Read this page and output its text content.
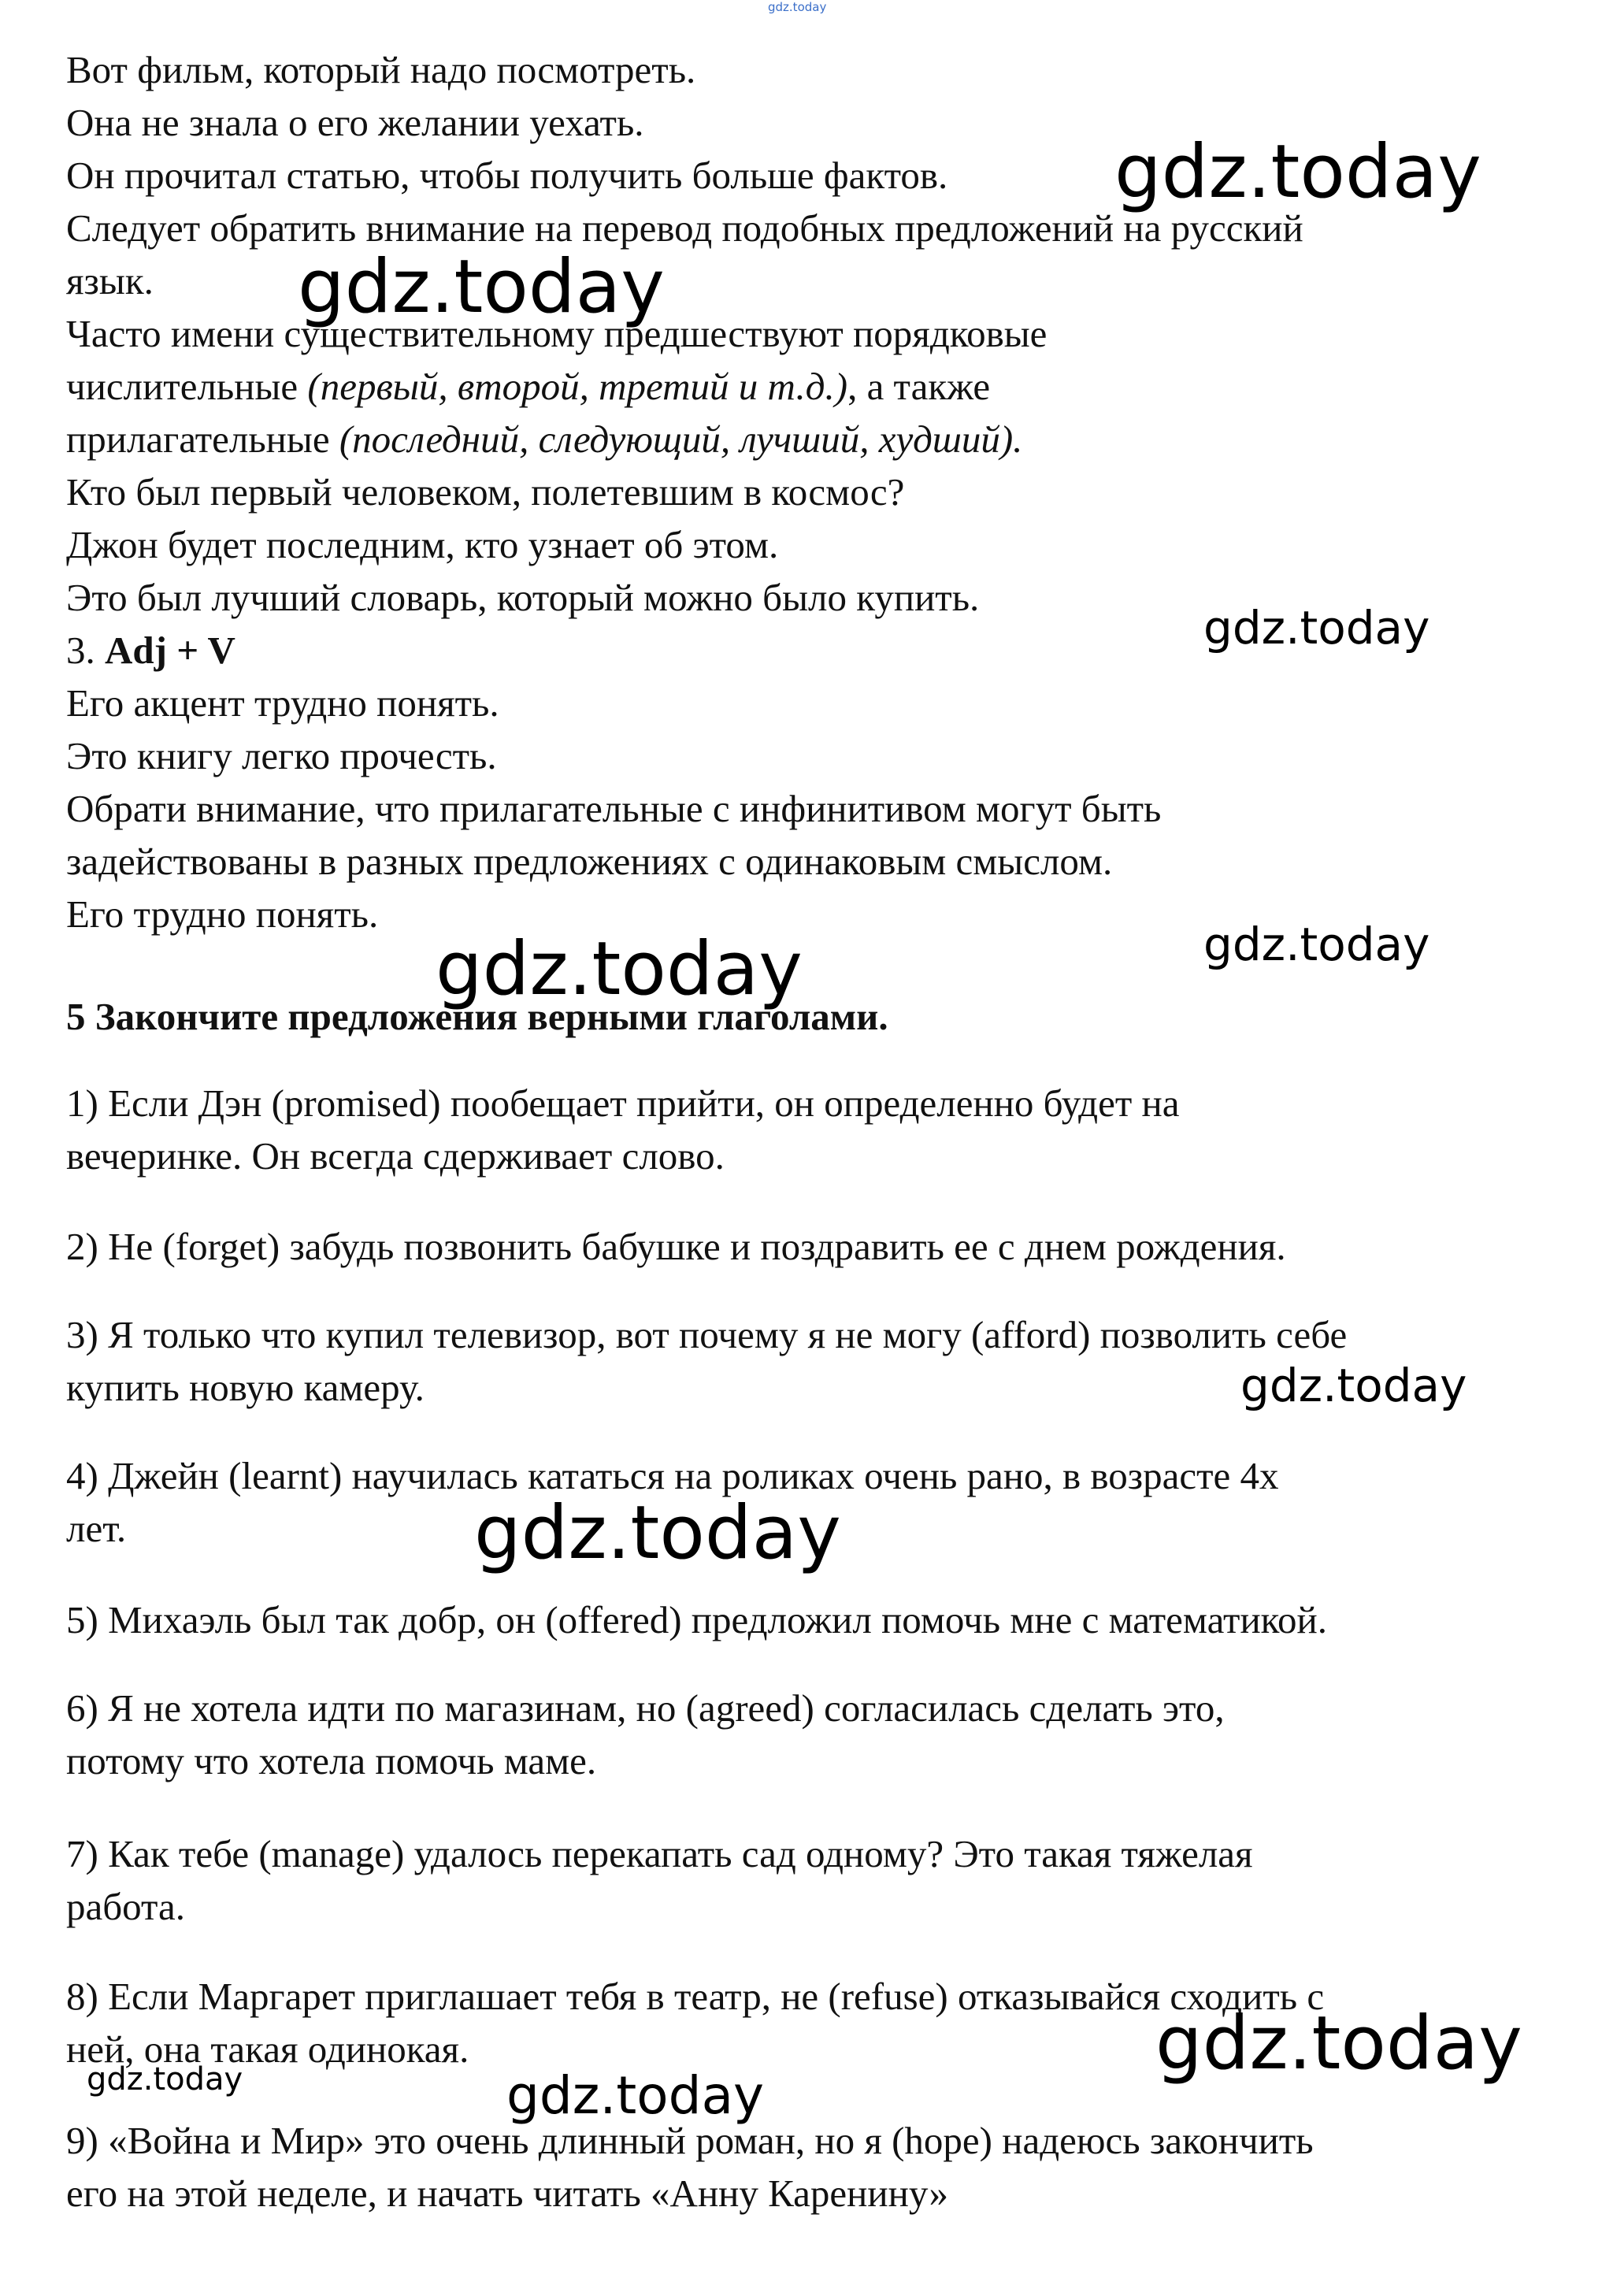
Вот фильм, который надо посмотреть.

Она не знала о его желании уехать.

Он прочитал статью, чтобы получить больше фактов.

Следует обратить внимание на перевод подобных предложений на русский

язык.

Часто имени существительному предшествуют порядковые

числительные (первый, второй, третий и т.д.), а также

прилагательные (последний, следующий, лучший, худший).

Кто был первый человеком, полетевшим в космос?

Джон будет последним, кто узнает об этом.

Это был лучший словарь, который можно было купить.

3. Adj + V

Его акцент трудно понять.

Это книгу легко прочесть.

Обрати внимание, что прилагательные с инфинитивом могут быть

задействованы в разных предложениях с одинаковым смыслом.

Его трудно понять.

5 Закончите предложения верными глаголами.

1) Если Дэн (promised) пообещает прийти, он определенно будет на

вечеринке. Он всегда сдерживает слово.

2) Не (forget) забудь позвонить бабушке и поздравить ее с днем рождения.

3) Я только что купил телевизор, вот почему я не могу (afford) позволить себе

купить новую камеру.

4) Джейн (learnt) научилась кататься на роликах очень рано, в возрасте 4х

лет.

5) Михаэль был так добр, он (offered) предложил помочь мне с математикой.

6) Я не хотела идти по магазинам, но (agreed) согласилась сделать это,

потому что хотела помочь маме.

7) Как тебе (manage) удалось перекапать сад одному? Это такая тяжелая

работа.

8) Если Маргарет приглашает тебя в театр, не (refuse) отказывайся сходить с

ней, она такая одинокая.

9) «Война и Мир» это очень длинный роман, но я (hope) надеюсь закончить

его на этой неделе, и начать читать «Анну Каренину»

gdz.today
gdz.today
gdz.today
gdz.today
gdz.today	gdz.today
gdz.today
gdz.today
gdz.today
gdz.today
gdz.today
